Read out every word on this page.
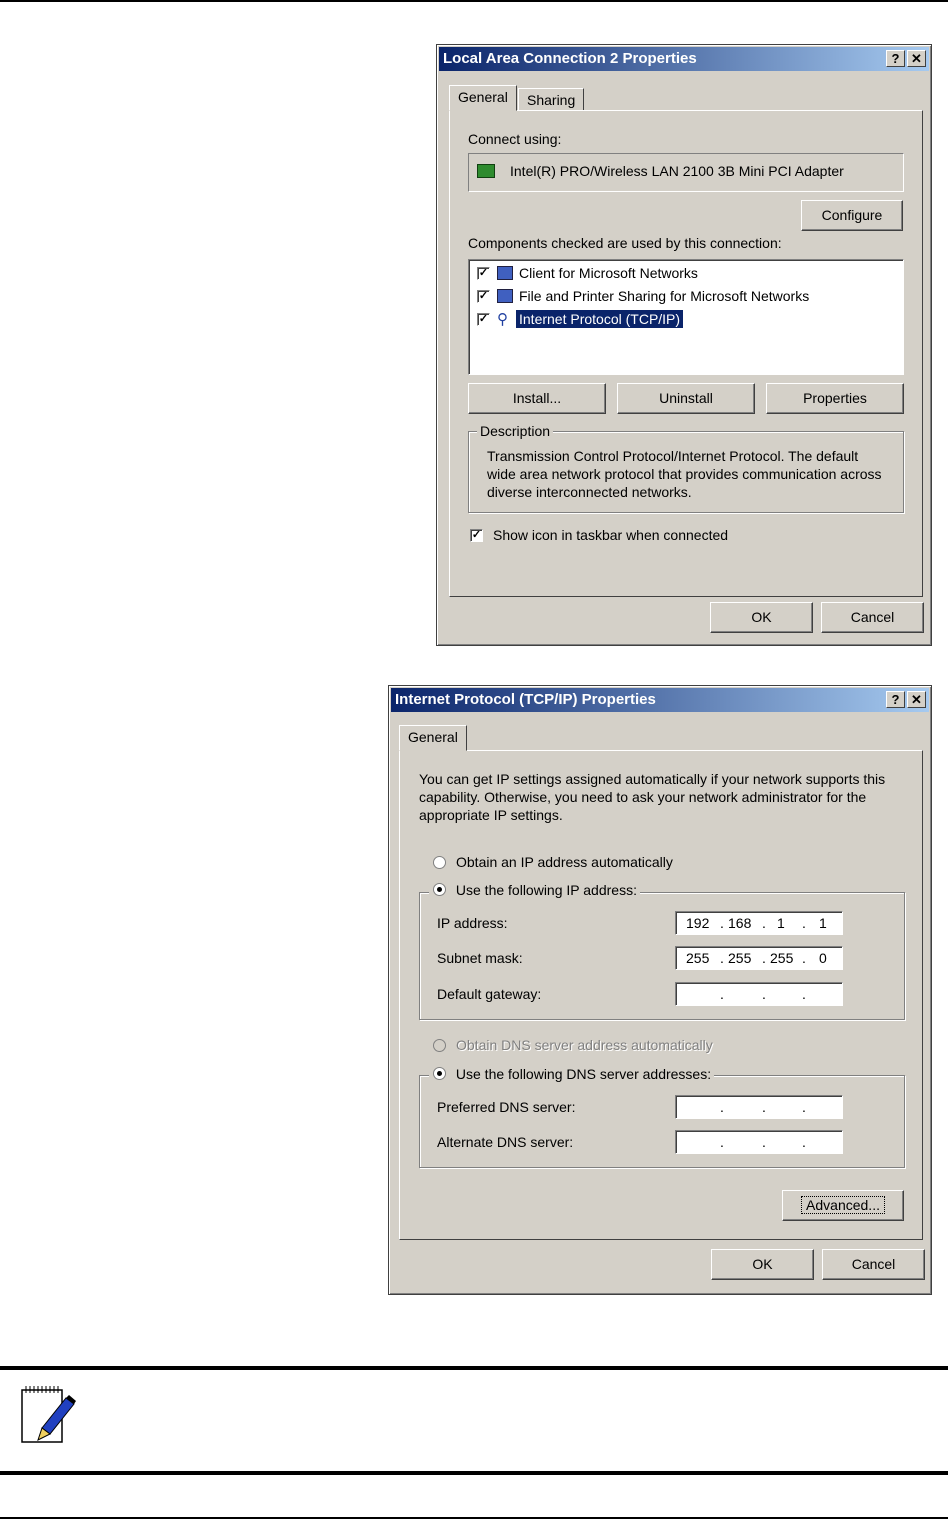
Local Area Connection 2 Properties	? ✕
General	Sharing
Connect using:
Intel(R) PRO/Wireless LAN 2100 3B Mini PCI Adapter
Configure
Components checked are used by this connection:
✓ Client for Microsoft Networks
✓ File and Printer Sharing for Microsoft Networks
✓ ⚲ Internet Protocol (TCP/IP)
Install...	Uninstall	Properties
Description
Transmission Control Protocol/Internet Protocol. The default wide area network protocol that provides communication across diverse interconnected networks.
✓ Show icon in taskbar when connected
OK	Cancel
Internet Protocol (TCP/IP) Properties	? ✕
General
You can get IP settings assigned automatically if your network supports this capability. Otherwise, you need to ask your network administrator for the appropriate IP settings.
Obtain an IP address automatically
Use the following IP address:
IP address:	192 . 168 . 1 . 1
Subnet mask:	255 . 255 . 255 . 0
Default gateway:	.	.	.
Obtain DNS server address automatically
Use the following DNS server addresses:
Preferred DNS server:	.	.	.
Alternate DNS server:	.	.	.
Advanced...
OK	Cancel
